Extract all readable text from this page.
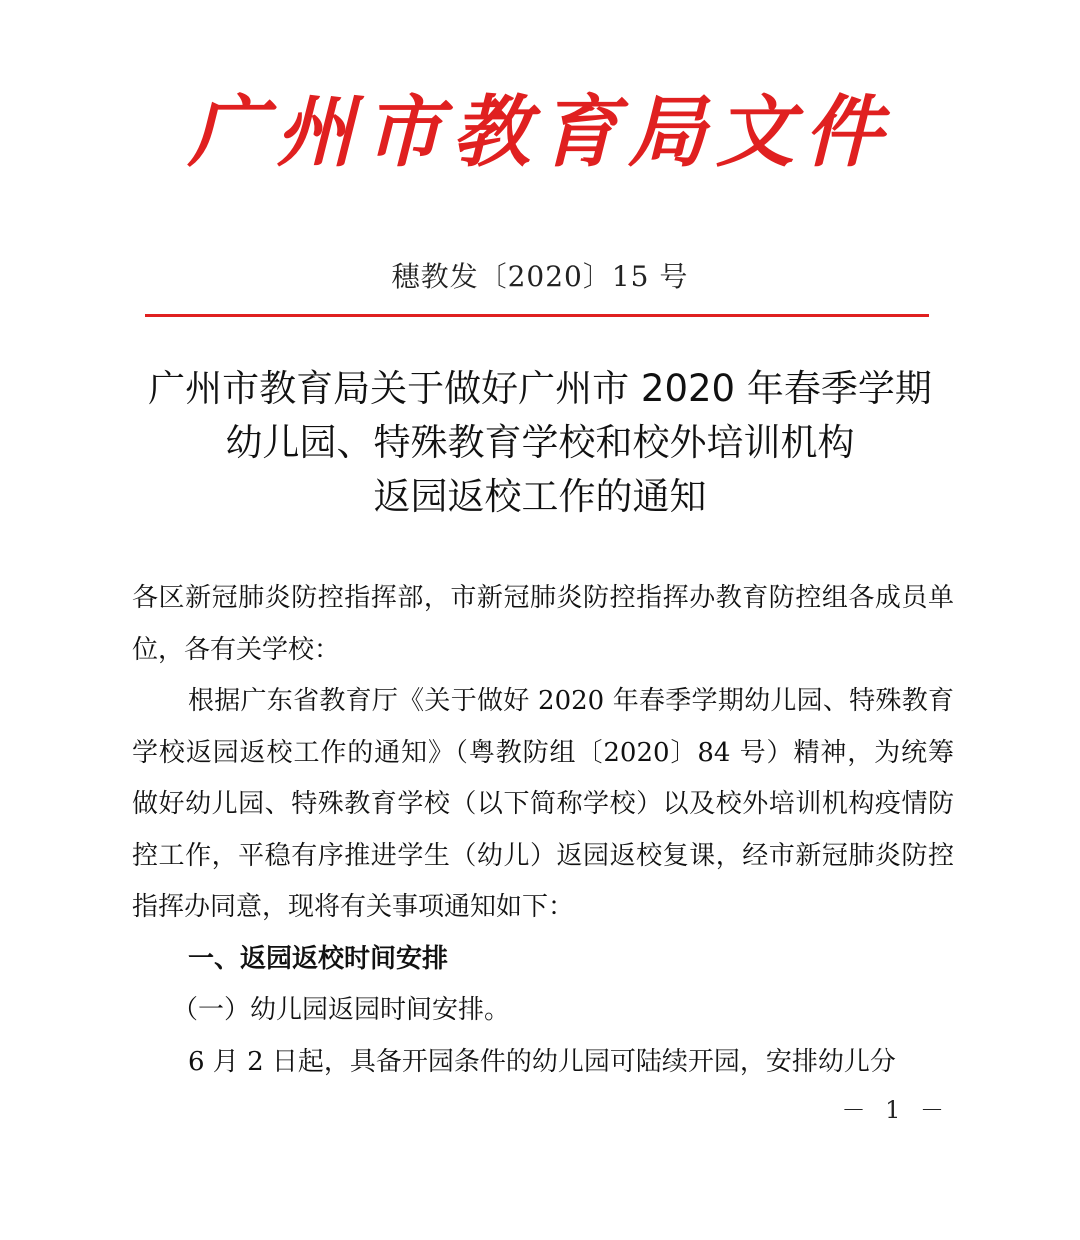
广州市教育局文件
穗教发〔2020〕15 号
广州市教育局关于做好广州市 2020 年春季学期
幼儿园、特殊教育学校和校外培训机构
返园返校工作的通知

各区新冠肺炎防控指挥部，市新冠肺炎防控指挥办教育防控组各成员单位，各有关学校：

根据广东省教育厅《关于做好 2020 年春季学期幼儿园、特殊教育学校返园返校工作的通知》（粤教防组〔2020〕84 号）精神，为统筹做好幼儿园、特殊教育学校（以下简称学校）以及校外培训机构疫情防控工作，平稳有序推进学生（幼儿）返园返校复课，经市新冠肺炎防控指挥办同意，现将有关事项通知如下：

一、返园返校时间安排

（一）幼儿园返园时间安排。

6 月 2 日起，具备开园条件的幼儿园可陆续开园，安排幼儿分

－ 1 －
